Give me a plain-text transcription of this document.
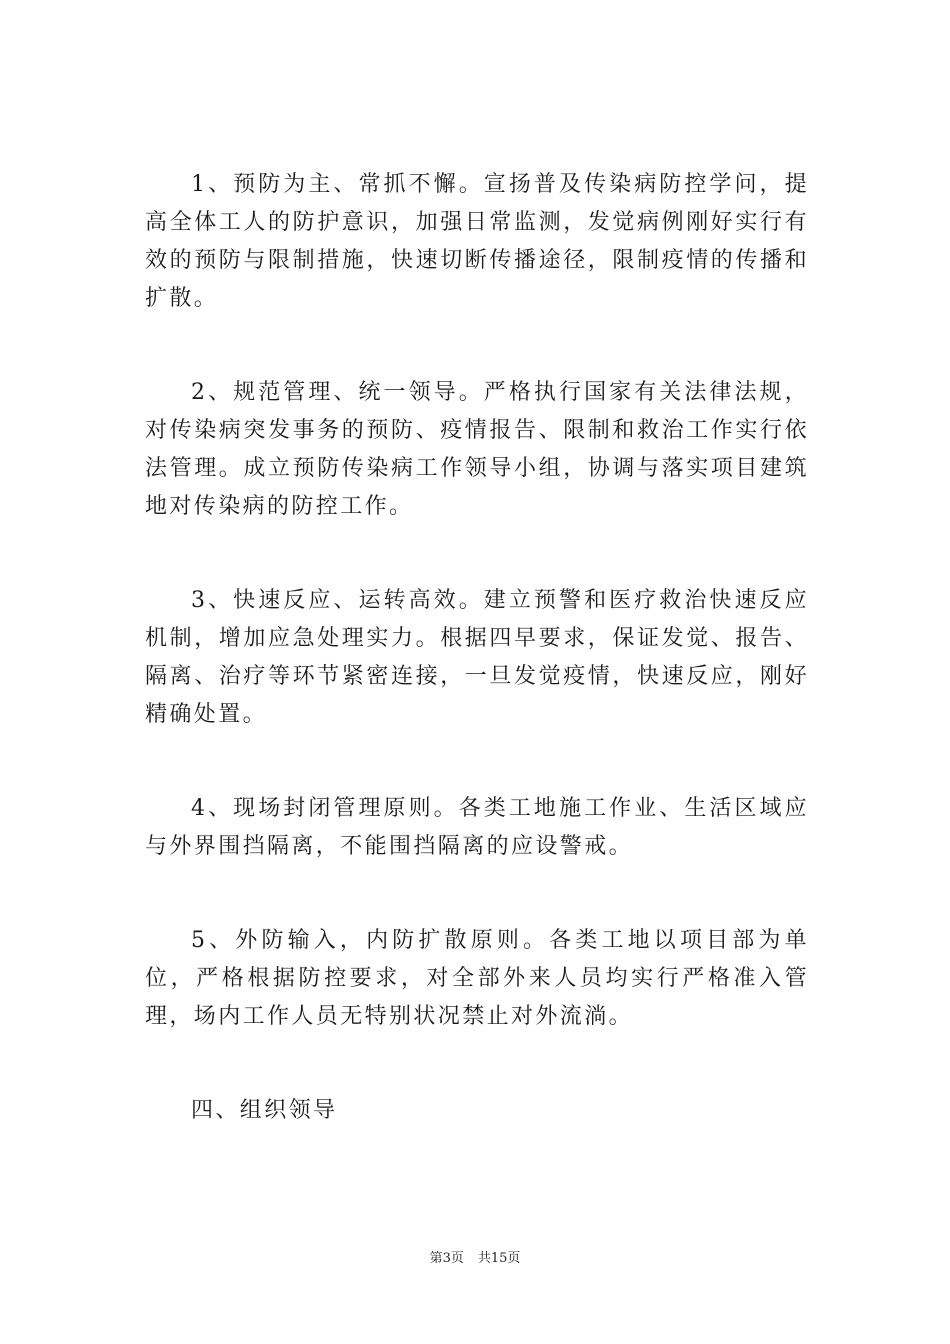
1、预防为主、常抓不懈。宣扬普及传染病防控学问，提高全体工人的防护意识，加强日常监测，发觉病例刚好实行有效的预防与限制措施，快速切断传播途径，限制疫情的传播和扩散。

2、规范管理、统一领导。严格执行国家有关法律法规，对传染病突发事务的预防、疫情报告、限制和救治工作实行依法管理。成立预防传染病工作领导小组，协调与落实项目建筑地对传染病的防控工作。

3、快速反应、运转高效。建立预警和医疗救治快速反应机制，增加应急处理实力。根据四早要求，保证发觉、报告、隔离、治疗等环节紧密连接，一旦发觉疫情，快速反应，刚好精确处置。

4、现场封闭管理原则。各类工地施工作业、生活区域应与外界围挡隔离，不能围挡隔离的应设警戒。

5、外防输入，内防扩散原则。各类工地以项目部为单位，严格根据防控要求，对全部外来人员均实行严格准入管理，场内工作人员无特别状况禁止对外流淌。

四、组织领导

第3页 共15页
